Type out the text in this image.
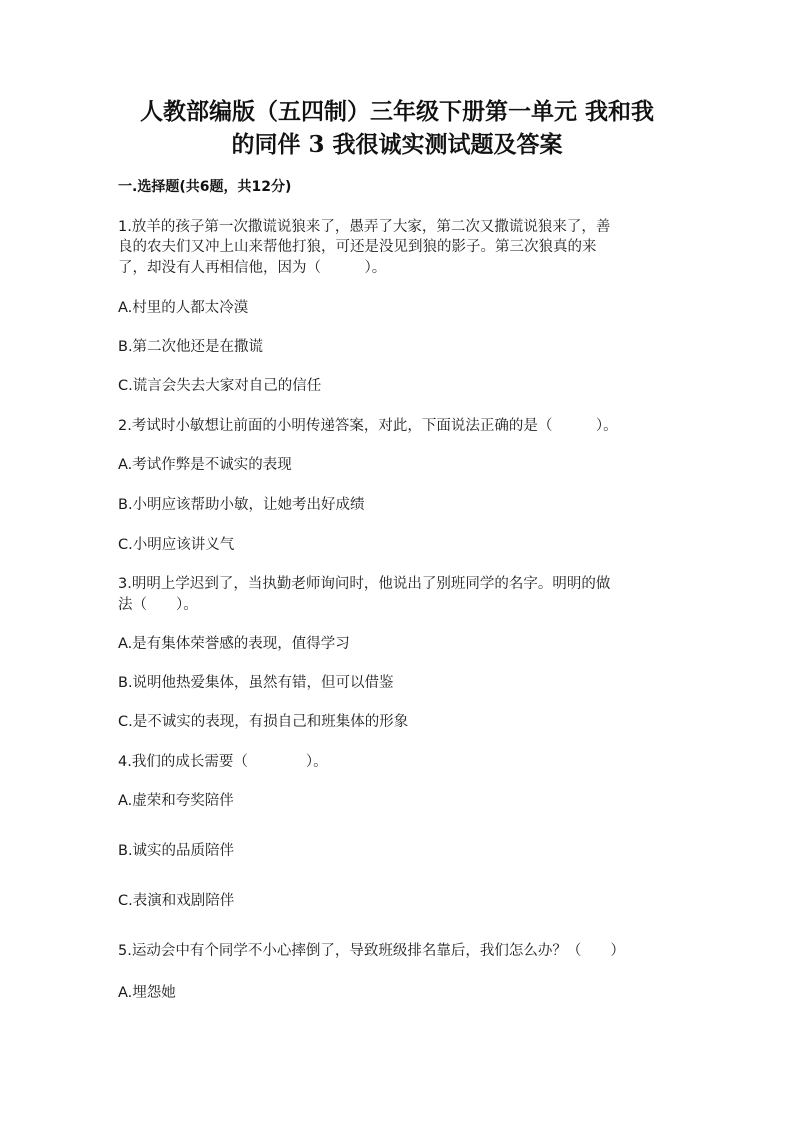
人教部编版（五四制）三年级下册第一单元 我和我
的同伴 3 我很诚实测试题及答案
一.选择题(共6题，共12分)
1.放羊的孩子第一次撒谎说狼来了，愚弄了大家，第二次又撒谎说狼来了，善
良的农夫们又冲上山来帮他打狼，可还是没见到狼的影子。第三次狼真的来
了，却没有人再相信他，因为（　　　）。
A.村里的人都太冷漠
B.第二次他还是在撒谎
C.谎言会失去大家对自己的信任
2.考试时小敏想让前面的小明传递答案，对此，下面说法正确的是（　　　）。
A.考试作弊是不诚实的表现
B.小明应该帮助小敏，让她考出好成绩
C.小明应该讲义气
3.明明上学迟到了，当执勤老师询问时，他说出了别班同学的名字。明明的做
法（　　）。
A.是有集体荣誉感的表现，值得学习
B.说明他热爱集体，虽然有错，但可以借鉴
C.是不诚实的表现，有损自己和班集体的形象
4.我们的成长需要（　　　　）。
A.虚荣和夸奖陪伴
B.诚实的品质陪伴
C.表演和戏剧陪伴
5.运动会中有个同学不小心摔倒了，导致班级排名靠后，我们怎么办？（　　）
A.埋怨她
